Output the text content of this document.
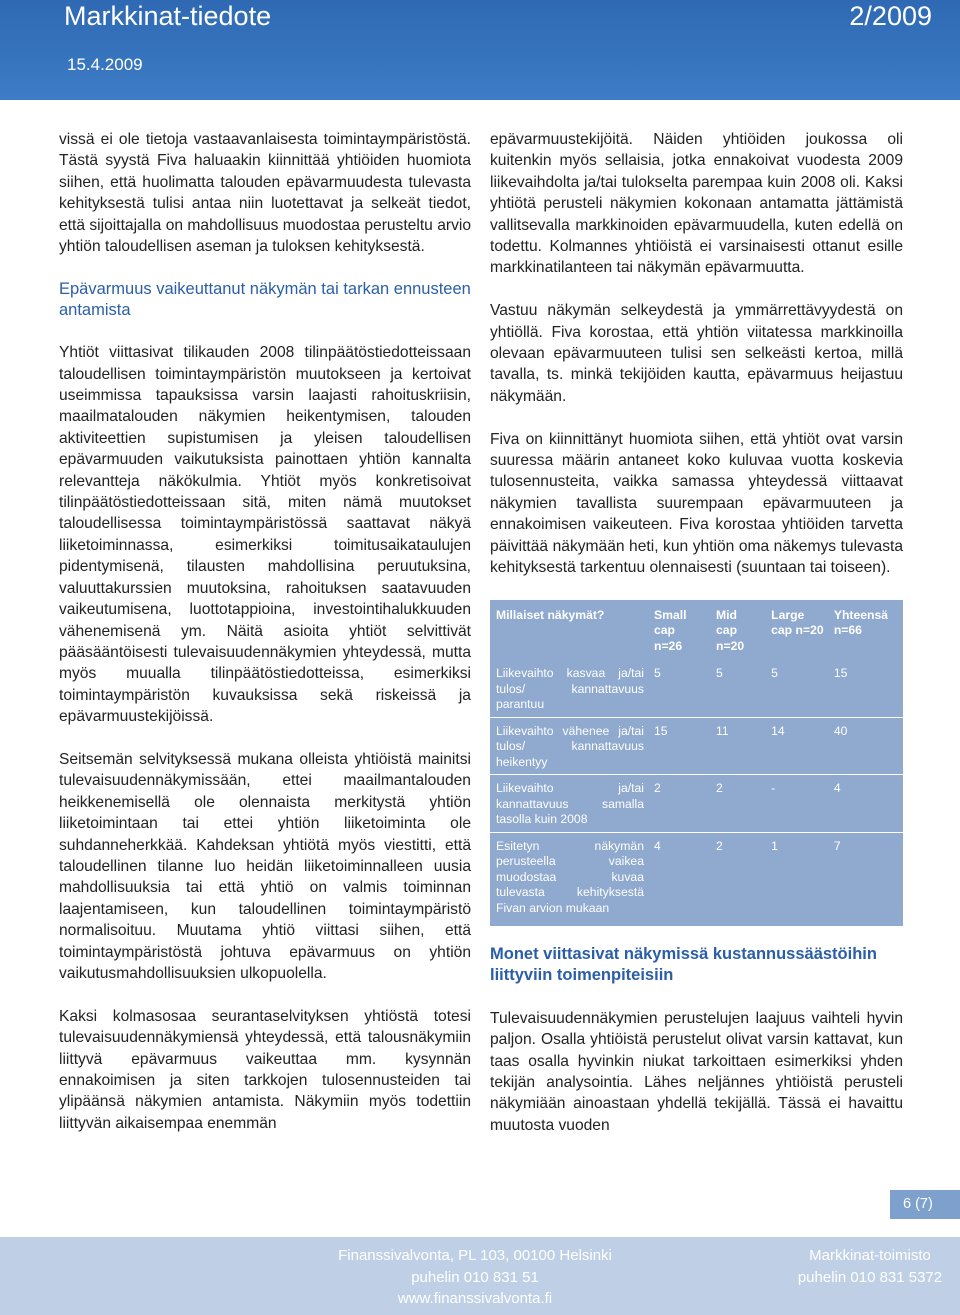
Markkinat-tiedote	2/2009
15.4.2009

vissä ei ole tietoja vastaavanlaisesta toimintaympäristöstä. Tästä syystä Fiva haluaakin kiinnittää yhtiöiden huomiota siihen, että huolimatta talouden epävarmuudesta tulevasta kehityksestä tulisi antaa niin luotettavat ja selkeät tiedot, että sijoittajalla on mahdollisuus muodostaa perusteltu arvio yhtiön taloudellisen aseman ja tuloksen kehityksestä.

Epävarmuus vaikeuttanut näkymän tai tarkan ennusteen antamista

Yhtiöt viittasivat tilikauden 2008 tilinpäätöstiedotteissaan taloudellisen toimintaympäristön muutokseen ja kertoivat useimmissa tapauksissa varsin laajasti rahoituskriisin, maailmatalouden näkymien heikentymisen, talouden aktiviteettien supistumisen ja yleisen taloudellisen epävarmuuden vaikutuksista painottaen yhtiön kannalta relevantteja näkökulmia. Yhtiöt myös konkretisoivat tilinpäätöstiedotteissaan sitä, miten nämä muutokset taloudellisessa toimintaympäristössä saattavat näkyä liiketoiminnassa, esimerkiksi toimitusaikataulujen pidentymisenä, tilausten mahdollisina peruutuksina, valuuttakurssien muutoksina, rahoituksen saatavuuden vaikeutumisena, luottotappioina, investointihalukkuuden vähenemisenä ym. Näitä asioita yhtiöt selvittivät pääsääntöisesti tulevaisuudennäkymien yhteydessä, mutta myös muualla tilinpäätöstiedotteissa, esimerkiksi toimintaympäristön kuvauksissa sekä riskeissä ja epävarmuustekijöissä.

Seitsemän selvityksessä mukana olleista yhtiöistä mainitsi tulevaisuudennäkymissään, ettei maailmantalouden heikkenemisellä ole olennaista merkitystä yhtiön liiketoimintaan tai ettei yhtiön liiketoiminta ole suhdanneherkkää. Kahdeksan yhtiötä myös viestitti, että taloudellinen tilanne luo heidän liiketoiminnalleen uusia mahdollisuuksia tai että yhtiö on valmis toiminnan laajentamiseen, kun taloudellinen toimintaympäristö normalisoituu. Muutama yhtiö viittasi siihen, että toimintaympäristöstä johtuva epävarmuus on yhtiön vaikutusmahdollisuuksien ulkopuolella.

Kaksi kolmasosaa seurantaselvityksen yhtiöstä totesi tulevaisuudennäkymiensä yhteydessä, että talousnäkymiin liittyvä epävarmuus vaikeuttaa mm. kysynnän ennakoimisen ja siten tarkkojen tulosennusteiden tai ylipäänsä näkymien antamista. Näkymiin myös todettiin liittyvän aikaisempaa enemmän

epävarmuustekijöitä. Näiden yhtiöiden joukossa oli kuitenkin myös sellaisia, jotka ennakoivat vuodesta 2009 liikevaihdolta ja/tai tulokselta parempaa kuin 2008 oli. Kaksi yhtiötä perusteli näkymien kokonaan antamatta jättämistä vallitsevalla markkinoiden epävarmuudella, kuten edellä on todettu. Kolmannes yhtiöistä ei varsinaisesti ottanut esille markkinatilanteen tai näkymän epävarmuutta.

Vastuu näkymän selkeydestä ja ymmärrettävyydestä on yhtiöllä. Fiva korostaa, että yhtiön viitatessa markkinoilla olevaan epävarmuuteen tulisi sen selkeästi kertoa, millä tavalla, ts. minkä tekijöiden kautta, epävarmuus heijastuu näkymään.

Fiva on kiinnittänyt huomiota siihen, että yhtiöt ovat varsin suuressa määrin antaneet koko kuluvaa vuotta koskevia tulosennusteita, vaikka samassa yhteydessä viittaavat näkymien tavallista suurempaan epävarmuuteen ja ennakoimisen vaikeuteen. Fiva korostaa yhtiöiden tarvetta päivittää näkymään heti, kun yhtiön oma näkemys tulevasta kehityksestä tarkentuu olennaisesti (suuntaan tai toiseen).

Millaiset näkymät?	Small cap n=26	Mid cap n=20	Large cap n=20	Yhteensä n=66
Liikevaihto kasvaa ja/tai tulos/ kannattavuus parantuu	5	5	5	15
Liikevaihto vähenee ja/tai tulos/ kannattavuus heikentyy	15	11	14	40
Liikevaihto ja/tai kannattavuus samalla tasolla kuin 2008	2	2	-	4
Esitetyn näkymän perusteella vaikea muodostaa kuvaa tulevasta kehityksestä Fivan arvion mukaan	4	2	1	7
Monet viittasivat näkymissä kustannussäästöihin liittyviin toimenpiteisiin

Tulevaisuudennäkymien perustelujen laajuus vaihteli hyvin paljon. Osalla yhtiöistä perustelut olivat varsin kattavat, kun taas osalla hyvinkin niukat tarkoittaen esimerkiksi yhden tekijän analysointia. Lähes neljännes yhtiöistä perusteli näkymiään ainoastaan yhdellä tekijällä. Tässä ei havaittu muutosta vuoden

6 (7)
Finanssivalvonta, PL 103, 00100 Helsinki
puhelin 010 831 51
www.finanssivalvonta.fi
Markkinat-toimisto
puhelin 010 831 5372
